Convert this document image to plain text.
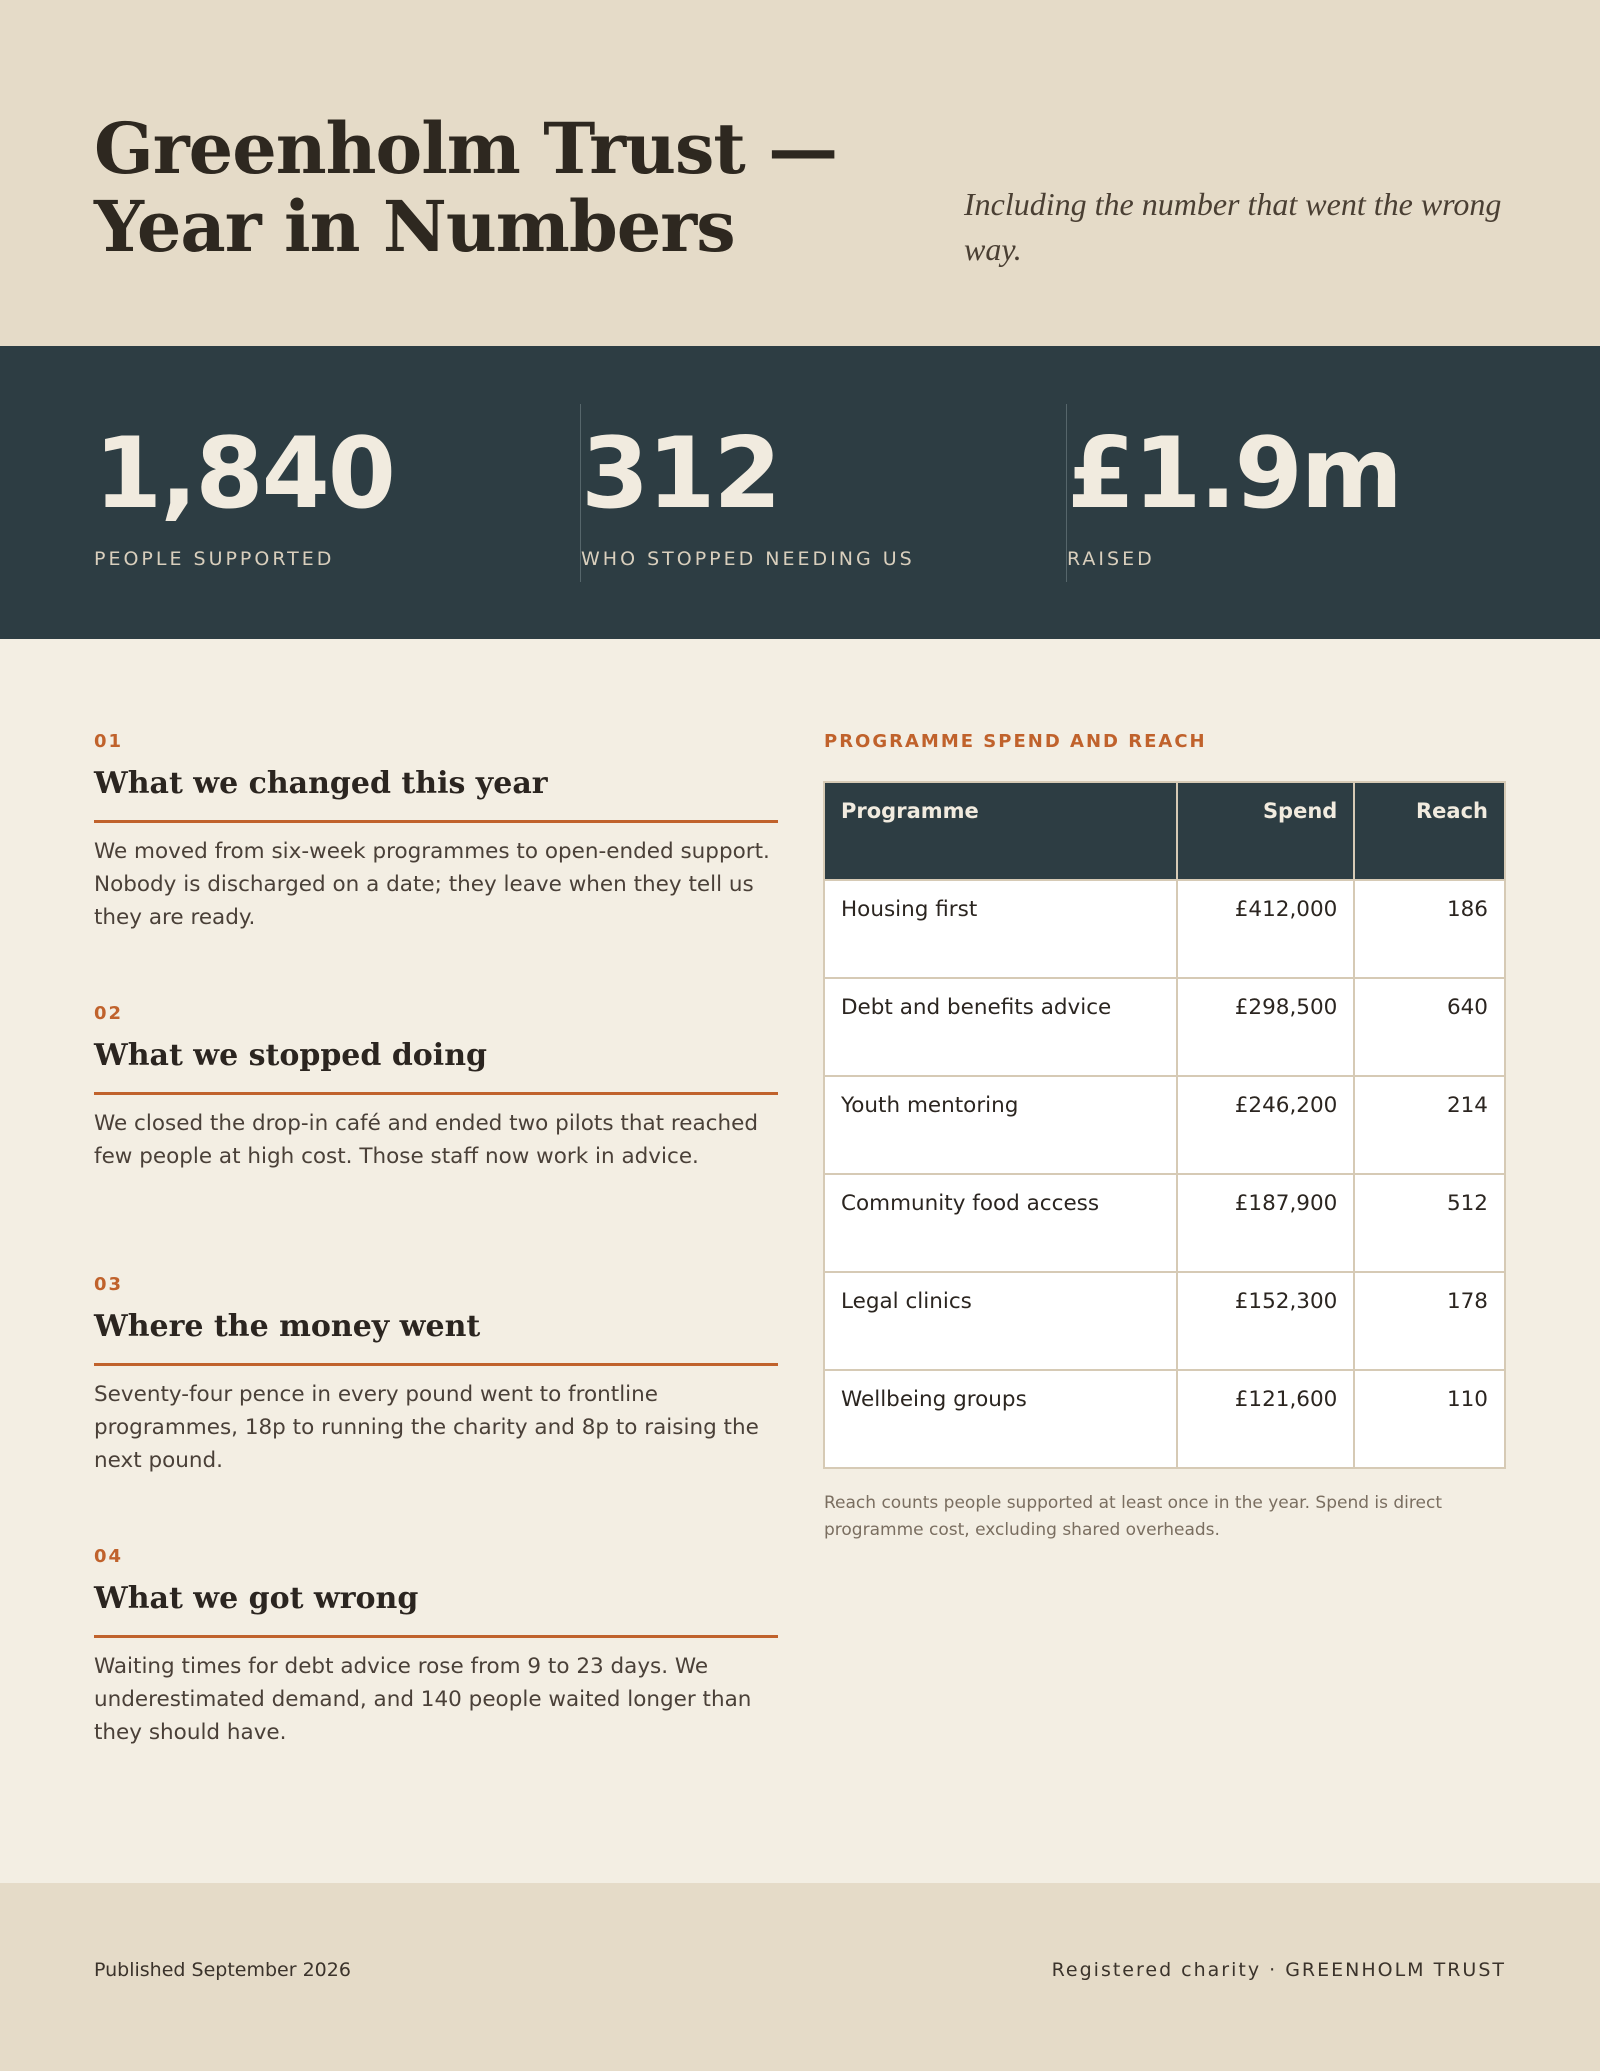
Greenholm Trust — Year in Numbers	Including the number that went the wrong way.

1,840
PEOPLE SUPPORTED
312
WHO STOPPED NEEDING US
£1.9m
RAISED
01
What we changed this year

We moved from six-week programmes to open-ended support. Nobody is discharged on a date; they leave when they tell us they are ready.

02
What we stopped doing

We closed the drop-in café and ended two pilots that reached few people at high cost. Those staff now work in advice.

03
Where the money went

Seventy-four pence in every pound went to frontline programmes, 18p to running the charity and 8p to raising the next pound.

04
What we got wrong

Waiting times for debt advice rose from 9 to 23 days. We underestimated demand, and 140 people waited longer than they should have.

PROGRAMME SPEND AND REACH
Programme	Spend	Reach
Housing first	£412,000	186
Debt and benefits advice	£298,500	640
Youth mentoring	£246,200	214
Community food access	£187,900	512
Legal clinics	£152,300	178
Wellbeing groups	£121,600	110

Reach counts people supported at least once in the year. Spend is direct programme cost, excluding shared overheads.

Published September 2026	Registered charity · GREENHOLM TRUST
